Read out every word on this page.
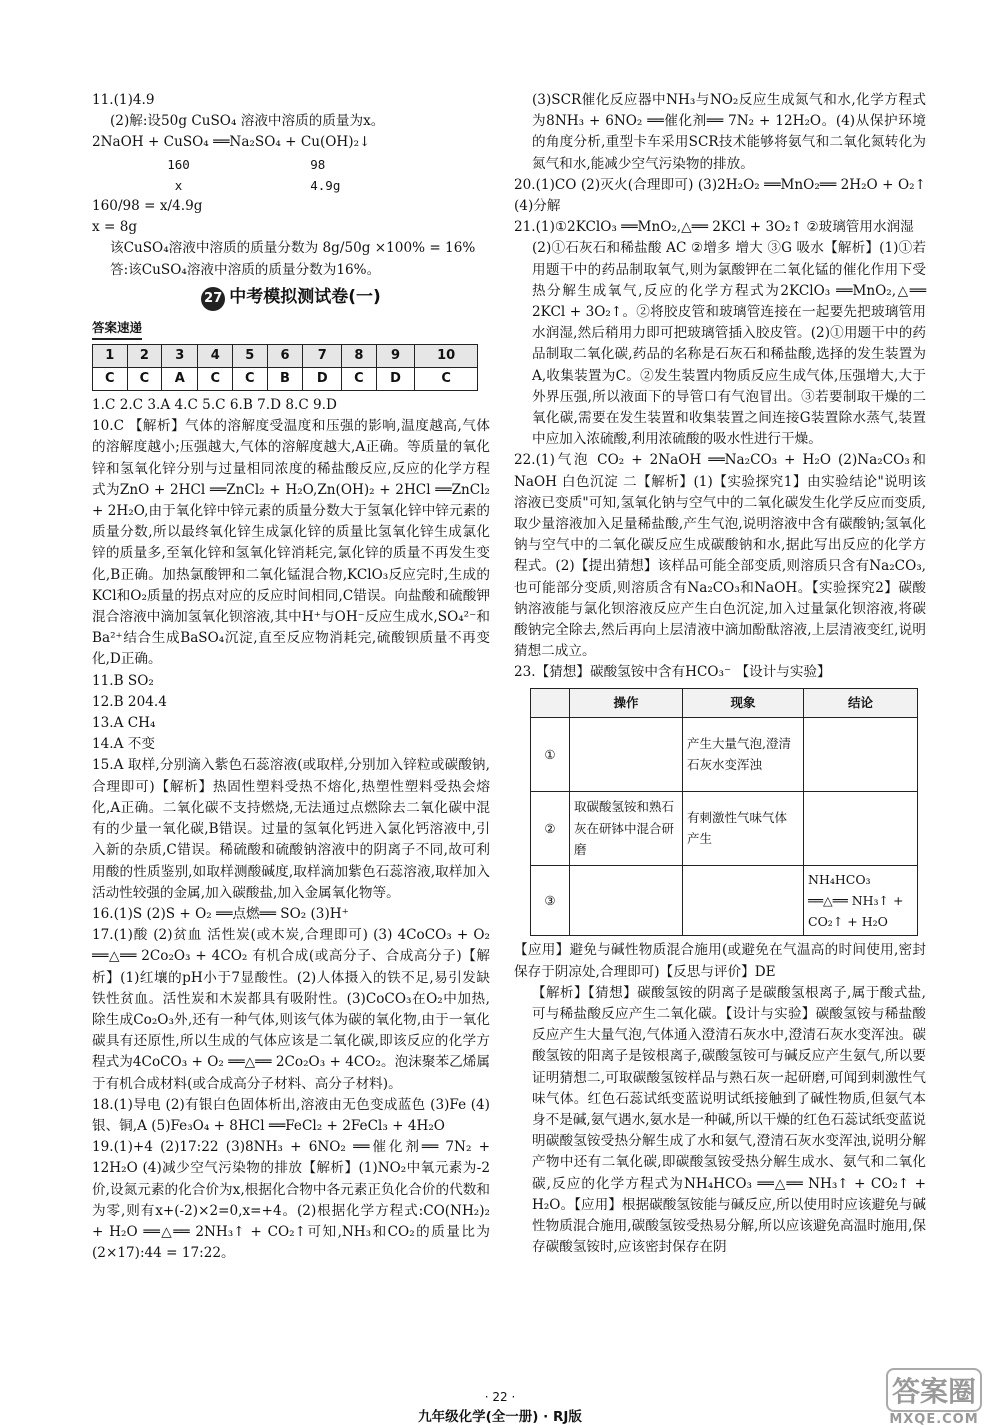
11.(1)4.9

(2)解:设50g CuSO₄ 溶液中溶质的质量为x。

2NaOH + CuSO₄ ══Na₂SO₄ + Cu(OH)₂↓

160                98

x                 4.9g

160/98 = x/4.9g

x = 8g

该CuSO₄溶液中溶质的质量分数为 8g/50g ×100% = 16%

答:该CuSO₄溶液中溶质的质量分数为16%。

27 中考模拟测试卷(一)
答案速递
1	2	3	4	5	6	7	8	9	10
C	C	A	C	C	B	D	C	D	C

1.C 2.C 3.A 4.C 5.C 6.B 7.D 8.C 9.D

10.C 【解析】气体的溶解度受温度和压强的影响,温度越高,气体的溶解度越小;压强越大,气体的溶解度越大,A正确。等质量的氧化锌和氢氧化锌分别与过量相同浓度的稀盐酸反应,反应的化学方程式为ZnO + 2HCl ══ZnCl₂ + H₂O,Zn(OH)₂ + 2HCl ══ZnCl₂ + 2H₂O,由于氧化锌中锌元素的质量分数大于氢氧化锌中锌元素的质量分数,所以最终氧化锌生成氯化锌的质量比氢氧化锌生成氯化锌的质量多,至氧化锌和氢氧化锌消耗完,氯化锌的质量不再发生变化,B正确。加热氯酸钾和二氧化锰混合物,KClO₃反应完时,生成的KCl和O₂质量的拐点对应的反应时间相同,C错误。向盐酸和硫酸钾混合溶液中滴加氢氧化钡溶液,其中H⁺与OH⁻反应生成水,SO₄²⁻和Ba²⁺结合生成BaSO₄沉淀,直至反应物消耗完,硫酸钡质量不再变化,D正确。

11.B SO₂

12.B 204.4

13.A CH₄

14.A 不变

15.A 取样,分别滴入紫色石蕊溶液(或取样,分别加入锌粒或碳酸钠,合理即可)【解析】热固性塑料受热不熔化,热塑性塑料受热会熔化,A正确。二氧化碳不支持燃烧,无法通过点燃除去二氧化碳中混有的少量一氧化碳,B错误。过量的氢氧化钙进入氯化钙溶液中,引入新的杂质,C错误。稀硫酸和硫酸钠溶液中的阴离子不同,故可利用酸的性质鉴别,如取样测酸碱度,取样滴加紫色石蕊溶液,取样加入活动性较强的金属,加入碳酸盐,加入金属氧化物等。

16.(1)S (2)S + O₂ ══点燃══ SO₂ (3)H⁺

17.(1)酸 (2)贫血 活性炭(或木炭,合理即可) (3) 4CoCO₃ + O₂ ══△══ 2Co₂O₃ + 4CO₂ 有机合成(或高分子、合成高分子)【解析】(1)红壤的pH小于7显酸性。(2)人体摄入的铁不足,易引发缺铁性贫血。活性炭和木炭都具有吸附性。(3)CoCO₃在O₂中加热,除生成Co₂O₃外,还有一种气体,则该气体为碳的氧化物,由于一氧化碳具有还原性,所以生成的气体应该是二氧化碳,即该反应的化学方程式为4CoCO₃ + O₂ ══△══ 2Co₂O₃ + 4CO₂。泡沫聚苯乙烯属于有机合成材料(或合成高分子材料、高分子材料)。

18.(1)导电 (2)有银白色固体析出,溶液由无色变成蓝色 (3)Fe (4)银、铜,A (5)Fe₃O₄ + 8HCl ══FeCl₂ + 2FeCl₃ + 4H₂O

19.(1)+4 (2)17:22 (3)8NH₃ + 6NO₂ ══催化剂══ 7N₂ + 12H₂O (4)减少空气污染物的排放【解析】(1)NO₂中氧元素为-2价,设氮元素的化合价为x,根据化合物中各元素正负化合价的代数和为零,则有x+(-2)×2=0,x=+4。(2)根据化学方程式:CO(NH₂)₂ + H₂O ══△══ 2NH₃↑ + CO₂↑可知,NH₃和CO₂的质量比为(2×17):44 = 17:22。

(3)SCR催化反应器中NH₃与NO₂反应生成氮气和水,化学方程式为8NH₃ + 6NO₂ ══催化剂══ 7N₂ + 12H₂O。(4)从保护环境的角度分析,重型卡车采用SCR技术能够将氨气和二氧化氮转化为氮气和水,能减少空气污染物的排放。

20.(1)CO (2)灭火(合理即可) (3)2H₂O₂ ══MnO₂══ 2H₂O + O₂↑ (4)分解

21.(1)①2KClO₃ ══MnO₂,△══ 2KCl + 3O₂↑ ②玻璃管用水润湿

(2)①石灰石和稀盐酸 AC ②增多 增大 ③G 吸水【解析】(1)①若用题干中的药品制取氧气,则为氯酸钾在二氧化锰的催化作用下受热分解生成氧气,反应的化学方程式为2KClO₃ ══MnO₂,△══ 2KCl + 3O₂↑。②将胶皮管和玻璃管连接在一起要先把玻璃管用水润湿,然后稍用力即可把玻璃管插入胶皮管。(2)①用题干中的药品制取二氧化碳,药品的名称是石灰石和稀盐酸,选择的发生装置为A,收集装置为C。②发生装置内物质反应生成气体,压强增大,大于外界压强,所以液面下的导管口有气泡冒出。③若要制取干燥的二氧化碳,需要在发生装置和收集装置之间连接G装置除水蒸气,装置中应加入浓硫酸,利用浓硫酸的吸水性进行干燥。

22.(1)气泡 CO₂ + 2NaOH ══Na₂CO₃ + H₂O (2)Na₂CO₃和NaOH 白色沉淀 二【解析】(1)【实验探究1】由实验结论"说明该溶液已变质"可知,氢氧化钠与空气中的二氧化碳发生化学反应而变质,取少量溶液加入足量稀盐酸,产生气泡,说明溶液中含有碳酸钠;氢氧化钠与空气中的二氧化碳反应生成碳酸钠和水,据此写出反应的化学方程式。(2)【提出猜想】该样品可能全部变质,则溶质只含有Na₂CO₃,也可能部分变质,则溶质含有Na₂CO₃和NaOH。【实验探究2】碳酸钠溶液能与氯化钡溶液反应产生白色沉淀,加入过量氯化钡溶液,将碳酸钠完全除去,然后再向上层清液中滴加酚酞溶液,上层清液变红,说明猜想二成立。

23.【猜想】碳酸氢铵中含有HCO₃⁻ 【设计与实验】

	操作	现象	结论
①		产生大量气泡,澄清石灰水变浑浊	
②	取碳酸氢铵和熟石灰在研钵中混合研磨	有刺激性气味气体产生	
③			NH₄HCO₃ ══△══ NH₃↑ + CO₂↑ + H₂O

【应用】避免与碱性物质混合施用(或避免在气温高的时间使用,密封保存于阴凉处,合理即可)【反思与评价】DE

【解析】【猜想】碳酸氢铵的阴离子是碳酸氢根离子,属于酸式盐,可与稀盐酸反应产生二氧化碳。【设计与实验】碳酸氢铵与稀盐酸反应产生大量气泡,气体通入澄清石灰水中,澄清石灰水变浑浊。碳酸氢铵的阳离子是铵根离子,碳酸氢铵可与碱反应产生氨气,所以要证明猜想二,可取碳酸氢铵样品与熟石灰一起研磨,可闻到刺激性气味气体。红色石蕊试纸变蓝说明试纸接触到了碱性物质,但氨气本身不是碱,氨气遇水,氨水是一种碱,所以干燥的红色石蕊试纸变蓝说明碳酸氢铵受热分解生成了水和氨气,澄清石灰水变浑浊,说明分解产物中还有二氧化碳,即碳酸氢铵受热分解生成水、氨气和二氧化碳,反应的化学方程式为NH₄HCO₃ ══△══ NH₃↑ + CO₂↑ + H₂O。【应用】根据碳酸氢铵能与碱反应,所以使用时应该避免与碱性物质混合施用,碳酸氢铵受热易分解,所以应该避免高温时施用,保存碳酸氢铵时,应该密封保存在阴

· 22 ·
九年级化学(全一册) · RJ版
答案圈
MXQE.COM
